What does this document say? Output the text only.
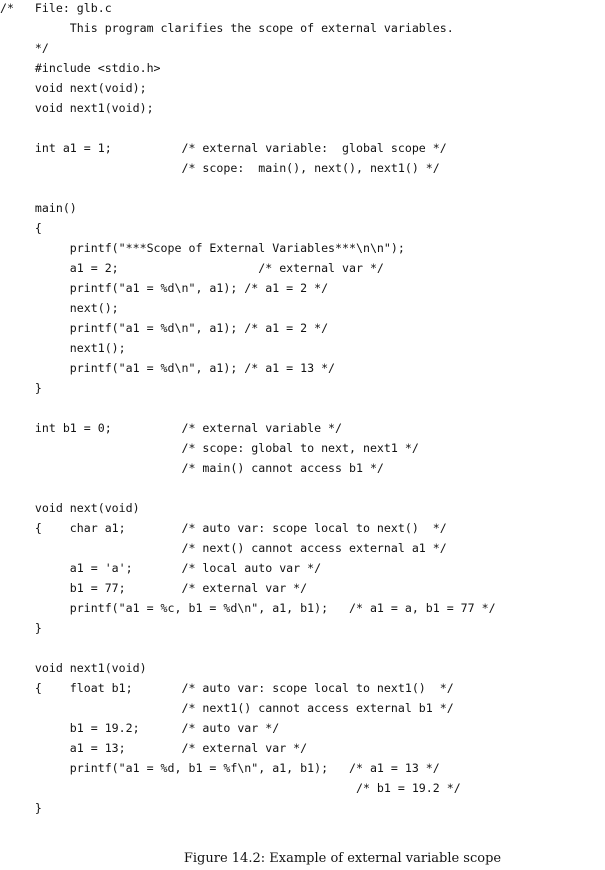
/*   File: glb.c
This program clarifies the scope of external variables.
*/
#include <stdio.h>
void next(void);
void next1(void);
int a1 = 1;          /* external variable:  global scope */
/* scope:  main(), next(), next1() */
main()
{
printf("***Scope of External Variables***\n\n");
a1 = 2;                    /* external var */
printf("a1 = %d\n", a1); /* a1 = 2 */
next();
printf("a1 = %d\n", a1); /* a1 = 2 */
next1();
printf("a1 = %d\n", a1); /* a1 = 13 */
}
int b1 = 0;          /* external variable */
/* scope: global to next, next1 */
/* main() cannot access b1 */
void next(void)
{    char a1;        /* auto var: scope local to next()  */
/* next() cannot access external a1 */
a1 = 'a';       /* local auto var */
b1 = 77;        /* external var */
printf("a1 = %c, b1 = %d\n", a1, b1);   /* a1 = a, b1 = 77 */
}
void next1(void)
{    float b1;       /* auto var: scope local to next1()  */
/* next1() cannot access external b1 */
b1 = 19.2;      /* auto var */
a1 = 13;        /* external var */
printf("a1 = %d, b1 = %f\n", a1, b1);   /* a1 = 13 */
/* b1 = 19.2 */
}
Figure 14.2: Example of external variable scope
